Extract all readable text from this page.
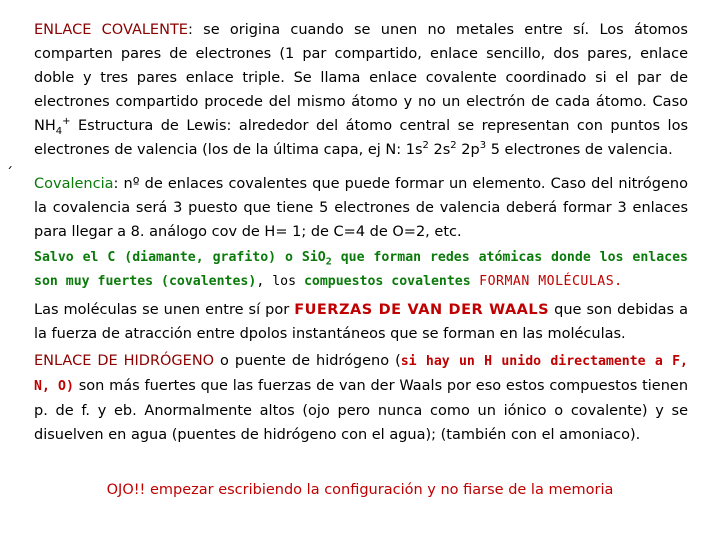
´
ENLACE COVALENTE: se origina cuando se unen no metales entre sí. Los átomos comparten pares de electrones (1 par compartido, enlace sencillo, dos pares, enlace doble y tres pares enlace triple. Se llama enlace covalente coordinado si el par de electrones compartido procede del mismo átomo y no un electrón de cada átomo. Caso $NH_4^+$ Estructura de Lewis: alrededor del átomo central se representan con puntos los electrones de valencia (los de la última capa, ej N: $1s^2$ $2s^2$ $2p^3$ 5 electrones de valencia.
Covalencia: nº de enlaces covalentes que puede formar un elemento. Caso del nitrógeno la covalencia será 3 puesto que tiene 5 electrones de valencia deberá formar 3 enlaces para llegar a 8. análogo cov de H= 1; de C=4 de O=2, etc.
Salvo el C (diamante, grafito) o SiO$_2$ que forman redes atómicas donde los enlaces son muy fuertes (covalentes), los compuestos covalentes FORMAN MOLÉCULAS.
Las moléculas se unen entre sí por FUERZAS DE VAN DER WAALS que son debidas a la fuerza de atracción entre dpolos instantáneos que se forman en las moléculas.
ENLACE DE HIDRÓGENO o puente de hidrógeno (si hay un H unido directamente a F, N, O) son más fuertes que las fuerzas de van der Waals por eso estos compuestos tienen p. de f. y eb. Anormalmente altos (ojo pero nunca como un iónico o covalente) y se disuelven en agua (puentes de hidrógeno con el agua); (también con el amoniaco).
OJO!! empezar escribiendo la configuración y no fiarse de la memoria
